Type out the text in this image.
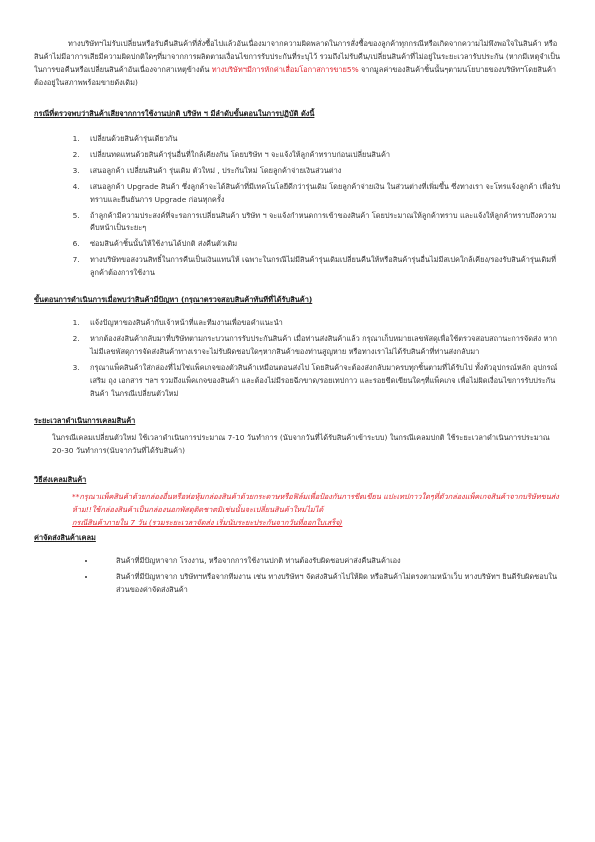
ทางบริษัทฯไม่รับเปลี่ยนหรือรับคืนสินค้าที่สั่งซื้อไปแล้วอันเนื่องมาจากความผิดพลาดในการสั่งซื้อของลูกค้าทุกกรณีหรือเกิดจากความไม่พึงพอใจในสินค้า หรือสินค้าไม่มีอาการเสียมีความผิดปกติใดๆที่มาจากการผลิตตามเงื่อนไขการรับประกันที่ระบุไว้ รวมถึงไม่รับคืน/เปลี่ยนสินค้าที่ไม่อยู่ในระยะเวลารับประกัน (หากมีเหตุจำเป็นในการขอคืนหรือเปลี่ยนสินค้าอันเนื่องจากสาเหตุข้างต้น ทางบริษัทฯมีการหักค่าเสื่อมโอกาสการขาย5% จากมูลค่าของสินค้าชิ้นนั้นๆตามนโยบายของบริษัทฯโดยสินค้าต้องอยู่ในสภาพพร้อมขายดังเดิม)

กรณีที่ตรวจพบว่าสินค้าเสียจากการใช้งานปกติ บริษัท ฯ มีลำดับขั้นตอนในการปฏิบัติ ดังนี้

1. เปลี่ยนด้วยสินค้ารุ่นเดียวกัน
2. เปลี่ยนทดแทนด้วยสินค้ารุ่นอื่นที่ใกล้เคียงกัน โดยบริษัท ฯ จะแจ้งให้ลูกค้าทราบก่อนเปลี่ยนสินค้า
3. เสนอลูกค้า เปลี่ยนสินค้า รุ่นเดิม ตัวใหม่ , ประกันใหม่ โดยลูกค้าจ่ายเงินส่วนต่าง
4. เสนอลูกค้า Upgrade สินค้า ซึ่งลูกค้าจะได้สินค้าที่มีเทคโนโลยีดีกว่ารุ่นเดิม โดยลูกค้าจ่ายเงิน ในส่วนต่างที่เพิ่มขึ้น ซึ่งทางเรา จะโทรแจ้งลูกค้า เพื่อรับทราบและยืนยันการ Upgrade ก่อนทุกครั้ง
5. ถ้าลูกค้ามีความประสงค์ที่จะรอการเปลี่ยนสินค้า บริษัท ฯ จะแจ้งกำหนดการเข้าของสินค้า โดยประมาณให้ลูกค้าทราบ และแจ้งให้ลูกค้าทราบถึงความคืบหน้าเป็นระยะๆ
6. ซ่อมสินค้าชิ้นนั้นให้ใช้งานได้ปกติ ส่งคืนตัวเดิม
7. ทางบริษัทขอสงวนสิทธิ์ในการคืนเป็นเงินแทนให้ เฉพาะในกรณีไม่มีสินค้ารุ่นเดิมเปลี่ยนคืนให้หรือสินค้ารุ่นอื่นไม่มีสเปคใกล้เคียง/รองรับสินค้ารุ่นเดิมที่ลูกค้าต้องการใช้งาน

ขั้นตอนการดำเนินการเมื่อพบว่าสินค้ามีปัญหา (กรุณาตรวจสอบสินค้าทันทีที่ได้รับสินค้า)

1. แจ้งปัญหาของสินค้ากับเจ้าหน้าที่และทีมงานเพื่อขอคำแนะนำ
2. หากต้องส่งสินค้ากลับมาที่บริษัทตามกระบวนการรับประกันสินค้า เมื่อท่านส่งสินค้าแล้ว กรุณาเก็บหมายเลขพัสดุเพื่อใช้ตรวจสอบสถานะการจัดส่ง หากไม่มีเลขพัสดุการจัดส่งสินค้าทางเราจะไม่รับผิดชอบใดๆหากสินค้าของท่านสูญหาย หรือทางเราไม่ได้รับสินค้าที่ท่านส่งกลับมา
3. กรุณาแพ็คสินค้าใส่กล่องที่ไม่ใช่แพ็คเกจของตัวสินค้าเหมือนตอนส่งไป โดยสินค้าจะต้องส่งกลับมาครบทุกชิ้นตามที่ได้รับไป ทั้งตัวอุปกรณ์หลัก อุปกรณ์เสริม ถุง เอกสาร ฯลฯ รวมถึงแพ็คเกจของสินค้า และต้องไม่มีรอยฉีกขาด/รอยเทปกาว และรอยขีดเขียนใดๆที่แพ็คเกจ เพื่อไม่ผิดเงื่อนไขการรับประกันสินค้า ในกรณีเปลี่ยนตัวใหม่

ระยะเวลาดำเนินการเคลมสินค้า

ในกรณีเคลมเปลี่ยนตัวใหม่ ใช้เวลาดำเนินการประมาณ 7-10 วันทำการ (นับจากวันที่ได้รับสินค้าเข้าระบบ) ในกรณีเคลมปกติ ใช้ระยะเวลาดำเนินการประมาณ 20-30 วันทำการ(นับจากวันที่ได้รับสินค้า)

วิธีส่งเคลมสินค้า

**กรุณาแพ็คสินค้าด้วยกล่องอื่นหรือห่อหุ้มกล่องสินค้าด้วยกระดาษหรือฟิล์มเพื่อป้องกันการขีดเขียน แปะเทปกาวใดๆที่ตัวกล่องแพ็คเกจสินค้าจากบริษัทขนส่ง ห้าม!!ใช้กล่องสินค้าเป็นกล่องนอกพัสดุติดชาตมิเช่นนั้นจะเปลี่ยนสินค้าใหม่ไม่ได้
กรณีสินค้าภายใน 7 วัน (รวมระยะเวลาจัดส่ง เริ่มนับระยะประกันจากวันที่ออกใบเสร็จ)

ค่าจัดส่งสินค้าเคลม

• สินค้าที่มีปัญหาจาก โรงงาน, หรือจากการใช้งานปกติ ท่านต้องรับผิดชอบค่าส่งคืนสินค้าเอง
• สินค้าที่มีปัญหาจาก บริษัทฯหรือจากทีมงาน เช่น ทางบริษัทฯ จัดส่งสินค้าไปให้ผิด หรือสินค้าไม่ตรงตามหน้าเว็บ ทางบริษัทฯ ยินดีรับผิดชอบในส่วนของค่าจัดส่งสินค้า
